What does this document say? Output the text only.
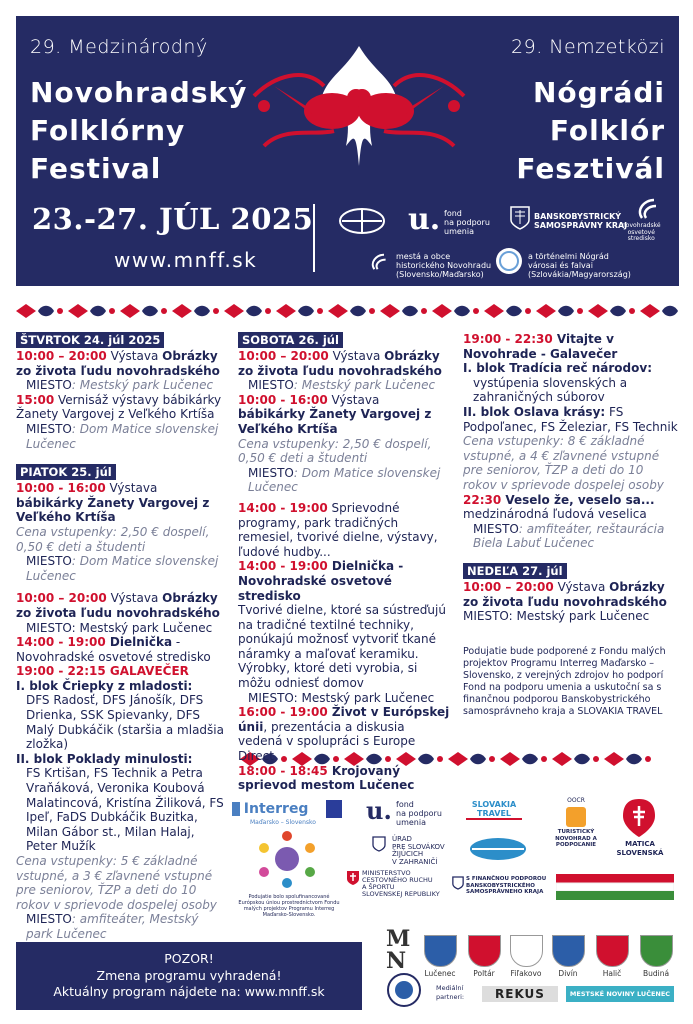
29. Medzinárodný
Novohradský
Folklórny
Festival
29. Nemzetközi
Nógrádi
Folklór
Fesztivál
23.-27. JÚL 2025
www.mnff.sk
u. fond
na podporu
umenia
BANSKOBYSTRICKÝ
SAMOSPRÁVNY KRAJ
novohradské
osvetové
stredisko
mestá a obce
historického Novohradu
(Slovensko/Maďarsko)
a történelmi Nógrád
városai és falvai
(Szlovákia/Magyarország)
ŠTVRTOK 24. júl 2025
10:00 – 20:00 Výstava Obrázky zo života ľudu novohradského
MIESTO: Mestský park Lučenec
15:00 Vernisáž výstavy bábikárky Žanety Vargovej z Veľkého Krtíša
MIESTO: Dom Matice slovenskej Lučenec
PIATOK 25. júl
10:00 - 16:00 Výstava bábikárky Žanety Vargovej z Veľkého Krtíša
Cena vstupenky: 2,50 € dospelí, 0,50 € deti a študenti
MIESTO: Dom Matice slovenskej Lučenec
10:00 – 20:00 Výstava Obrázky zo života ľudu novohradského
MIESTO: Mestský park Lučenec
14:00 - 19:00 Dielnička - Novohradské osvetové stredisko
19:00 - 22:15 GALAVEČER
I. blok Čriepky z mladosti:
DFS Radosť, DFS Jánošík, DFS Drienka, SSK Spievanky, DFS Malý Dubkáčik (staršia a mladšia zložka)
II. blok Poklady minulosti:
FS Krtišan, FS Technik a Petra Vraňáková, Veronika Koubová Malatincová, Kristína Žiliková, FS Ipeľ, FaDS Dubkáčik Buzitka, Milan Gábor st., Milan Halaj, Peter Mužík
Cena vstupenky: 5 € základné vstupné, a 3 € zľavnené vstupné pre seniorov, ŤZP a deti do 10 rokov v sprievode dospelej osoby
MIESTO: amfiteáter, Mestský park Lučenec
SOBOTA 26. júl
10:00 – 20:00 Výstava Obrázky zo života ľudu novohradského
MIESTO: Mestský park Lučenec
10:00 - 16:00 Výstava bábikárky Žanety Vargovej z Veľkého Krtíša
Cena vstupenky: 2,50 € dospelí, 0,50 € deti a študenti
MIESTO: Dom Matice slovenskej Lučenec
14:00 - 19:00 Sprievodné programy, park tradičných remesiel, tvorivé dielne, výstavy, ľudové hudby...
14:00 - 19:00 Dielnička - Novohradské osvetové stredisko
Tvorivé dielne, ktoré sa sústreďujú na tradičné textilné techniky, ponúkajú možnosť vytvoriť tkané náramky a maľovať keramiku. Výrobky, ktoré deti vyrobia, si môžu odniesť domov
MIESTO: Mestský park Lučenec
16:00 - 19:00 Život v Európskej únii, prezentácia a diskusia vedená v spolupráci s Europe Direct
18:00 - 18:45 Krojovaný sprievod mestom Lučenec
19:00 - 22:30 Vitajte v Novohrade - Galavečer
I. blok Tradícia reč národov:
vystúpenia slovenských a zahraničných súborov
II. blok Oslava krásy: FS Podpoľanec, FS Železiar, FS Technik
Cena vstupenky: 8 € základné vstupné, a 4 € zľavnené vstupné pre seniorov, ŤZP a deti do 10 rokov v sprievode dospelej osoby
22:30 Veselo že, veselo sa... medzinárodná ľudová veselica
MIESTO: amfiteáter, reštaurácia Biela Labuť Lučenec
NEDEĽA 27. júl
10:00 – 20:00 Výstava Obrázky zo života ľudu novohradského
MIESTO: Mestský park Lučenec
Podujatie bude podporené z Fondu malých projektov Programu Interreg Maďarsko – Slovensko, z verejných zdrojov ho podporí Fond na podporu umenia a uskutoční sa s finančnou podporou Banskobystrického samosprávneho kraja a SLOVAKIA TRAVEL
POZOR!
Zmena programu vyhradená!
Aktuálny program nájdete na: www.mnff.sk
Interreg
Maďarsko – Slovensko
Podujatie bolo spolufinancované Európskou úniou prostredníctvom Fondu malých projektov Programu Interreg Maďarsko-Slovensko.
u. fond
na podporu
umenia
SLOVAKIA
TRAVEL
OOCR
TURISTICKÝ
NOVOHRAD A
PODPOĽANIE	MATICA
SLOVENSKÁ
ÚRAD
PRE SLOVÁKOV
ŽIJÚCICH
V ZAHRANIČÍ
MINISTERSTVO
CESTOVNÉHO RUCHU
A ŠPORTU
SLOVENSKEJ REPUBLIKY
S FINANČNOU PODPOROU
BANSKOBYSTRICKÉHO
SAMOSPRÁVNEHO KRAJA
M
N	Lučenec	Poltár	Fiľakovo	Divín	Halič	Budiná
Mediální
partneri:	REKUS	MESTSKÉ NOVINY LUČENEC
